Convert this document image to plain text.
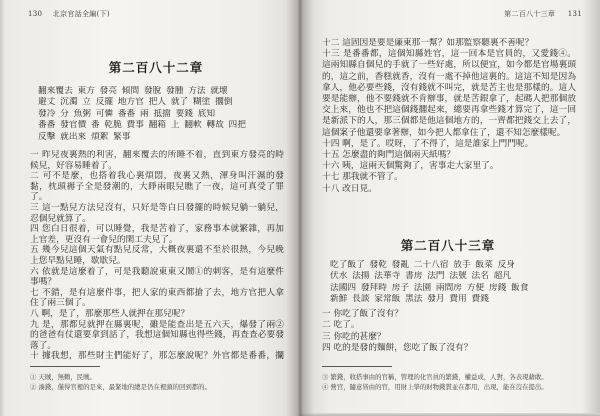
130 北京官話全編(下)
第二百八十二章
翻來覆去 東方 發亮 傾間 發脫 發腫 方法 就壞
避丈 沉濁 立 反擺 地方官 把人 就了 糊塗 擱倒
發冷 分 魚粥 可憐 番番 兩 抵擋 要錢 底知
番番 發官價 番 乾脆 費事 翻箱 上 翻軟 轉故 四把
反擊 就出來 煩絮 緊事

一 昨兒夜裏熱的利害，翻來覆去的所睡不着，直到東方發亮的時候兒，好容易睡着了。

二 可不是麼，也搭着我心裏煩悶，夜裏又熱，渾身叫汗濕的發黏，枕頭褥子全是發潮的，大睜兩眼兒瞧了一夜，這可真受了罪了。

三 這一點兒方法兒沒有，只好是等白日發擺的時候兒躺一躺兒，忍個兒就算了。

四 您白日很着，可以睡覺，我是苦着了，家務事本就繁雜，再加上官差，更沒有一會兒的閑工夫兒了。

五 幾今兒這個天氣有點兒反常，大概夜裏還不至於很熱，今兒晚上您早點兒睡，歇歇兒。

六 依就是這麼着了，可是我聽說東東又鬧①的刺客，是有這麼件事嗎？

七 不錯，是有這麼件事，把人家的東西都搶了去，地方官把人拿住了兩三個了。

八 啊，是了，那麼那些人就押在那兒呢？

九 是，那都兒就押在縣裏呢，雖是能查出是五六天，爆發了兩②的爸爸有仗還要拿到話了，我想這個知縣也得些錢，再查查必要發落了。

十 據我想，那些財主們能好了，那怎麼說呢？外官都是番番，攔

① 天賊，無賴，民賊。

② 湊錢，僅得官裡的是來，最緊地的總是仍在裡頭的回到都的。

第二百八十三章 131

十二 這固因是要是廉東那一幫？如那監察聽裏不善呢？

十三 是番番都，這個知縣姓官，這一回本是官員的，又愛錢④。這兩知縣自個兒的手就了一些好處，所以便宜，如今都是官場裏頭的，這之前，香糕就香，沒有一處不掉他這裏的。這這不知是因為拿人，他必要些錢，沒有錢就不叫完，就是苦主也是那樣的。這人要是能辦，他不要錢就不肯辦事，就是苦銀拿了，起碼人把那個放交上來，他也不把這個錢擱起來，總要再拿些錢才算完了，這一回是新派下的人，那三個都是他這個地方的，一齊都把錢交上去了，這個案子他還要拿著辦，如今把人都拿住了，還不知怎麼樣呢。

十四 啊，是了。哎呀，了不得了，這是誰家上門門呢。

十五 怎麼盡的夠門這個兩天紙嗎？

十六 咦，這兩天個驚夠了，害事走大家里了。

十七 那我就不管了。

十八 改日見。

第二百八十三章
吃了飯了 發乾 發亂 二十八宿 放手 飯菜 反身
伏水 法揚 法華寺 書房 法門 法號 法名 超凡
法國四 發拜時 房子 法園 兩間房 方便 房錢 飯食
新鮮 長談 家常飯 黑法 發月 費用 費錢

一 你吃了飯了沒有？

二 吃了。

三 你吃的甚麼？

四 吃的是發的麵餅，您吃了飯了沒有？

③ 繁錢，收搭事由的官稱，管理的化官員的繁錢，權益成，人對，各表現藉敢。

④ 營官，隨意皆由的官，用財上學的財物錢貫並在都用，出現，能在沒在提出。
